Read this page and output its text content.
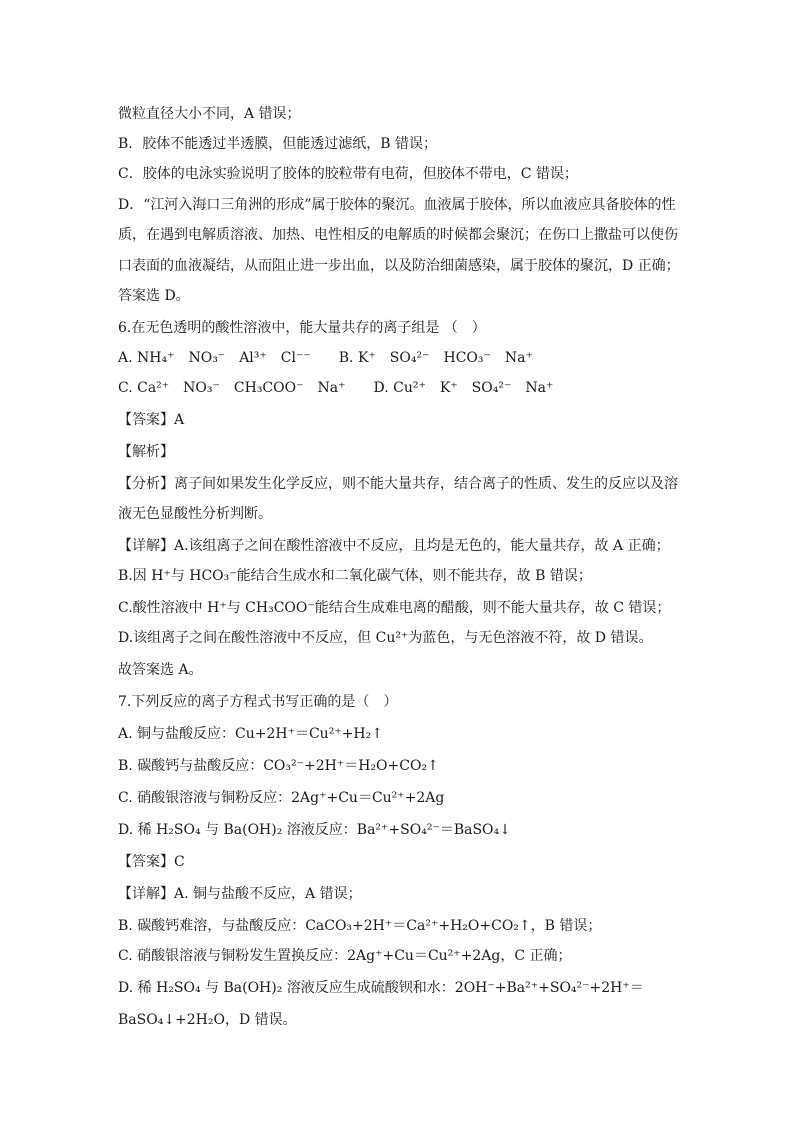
微粒直径大小不同，A 错误；
B．胶体不能透过半透膜，但能透过滤纸，B 错误；
C．胶体的电泳实验说明了胶体的胶粒带有电荷，但胶体不带电，C 错误；
D．“江河入海口三角洲的形成”属于胶体的聚沉。血液属于胶体，所以血液应具备胶体的性
质，在遇到电解质溶液、加热、电性相反的电解质的时候都会聚沉；在伤口上撒盐可以使伤
口表面的血液凝结，从而阻止进一步出血，以及防治细菌感染，属于胶体的聚沉，D 正确；
答案选 D。
6.在无色透明的酸性溶液中，能大量共存的离子组是 （　）
A. NH₄⁺　NO₃⁻　Al³⁺　Cl⁻⁻　　B. K⁺　SO₄²⁻　HCO₃⁻　Na⁺
C. Ca²⁺　NO₃⁻　CH₃COO⁻　Na⁺　　D. Cu²⁺　K⁺　SO₄²⁻　Na⁺
【答案】A
【解析】
【分析】离子间如果发生化学反应，则不能大量共存，结合离子的性质、发生的反应以及溶
液无色显酸性分析判断。
【详解】A.该组离子之间在酸性溶液中不反应，且均是无色的，能大量共存，故 A 正确；
B.因 H⁺与 HCO₃⁻能结合生成水和二氧化碳气体，则不能共存，故 B 错误；
C.酸性溶液中 H⁺与 CH₃COO⁻能结合生成难电离的醋酸，则不能大量共存，故 C 错误；
D.该组离子之间在酸性溶液中不反应，但 Cu²⁺为蓝色，与无色溶液不符，故 D 错误。
故答案选 A。
7.下列反应的离子方程式书写正确的是（　）
A. 铜与盐酸反应：Cu+2H⁺＝Cu²⁺+H₂↑
B. 碳酸钙与盐酸反应：CO₃²⁻+2H⁺＝H₂O+CO₂↑
C. 硝酸银溶液与铜粉反应：2Ag⁺+Cu＝Cu²⁺+2Ag
D. 稀 H₂SO₄ 与 Ba(OH)₂ 溶液反应：Ba²⁺+SO₄²⁻＝BaSO₄↓
【答案】C
【详解】A. 铜与盐酸不反应，A 错误；
B. 碳酸钙难溶，与盐酸反应：CaCO₃+2H⁺＝Ca²⁺+H₂O+CO₂↑，B 错误；
C. 硝酸银溶液与铜粉发生置换反应：2Ag⁺+Cu＝Cu²⁺+2Ag，C 正确；
D. 稀 H₂SO₄ 与 Ba(OH)₂ 溶液反应生成硫酸钡和水：2OH⁻+Ba²⁺+SO₄²⁻+2H⁺＝
BaSO₄↓+2H₂O，D 错误。
